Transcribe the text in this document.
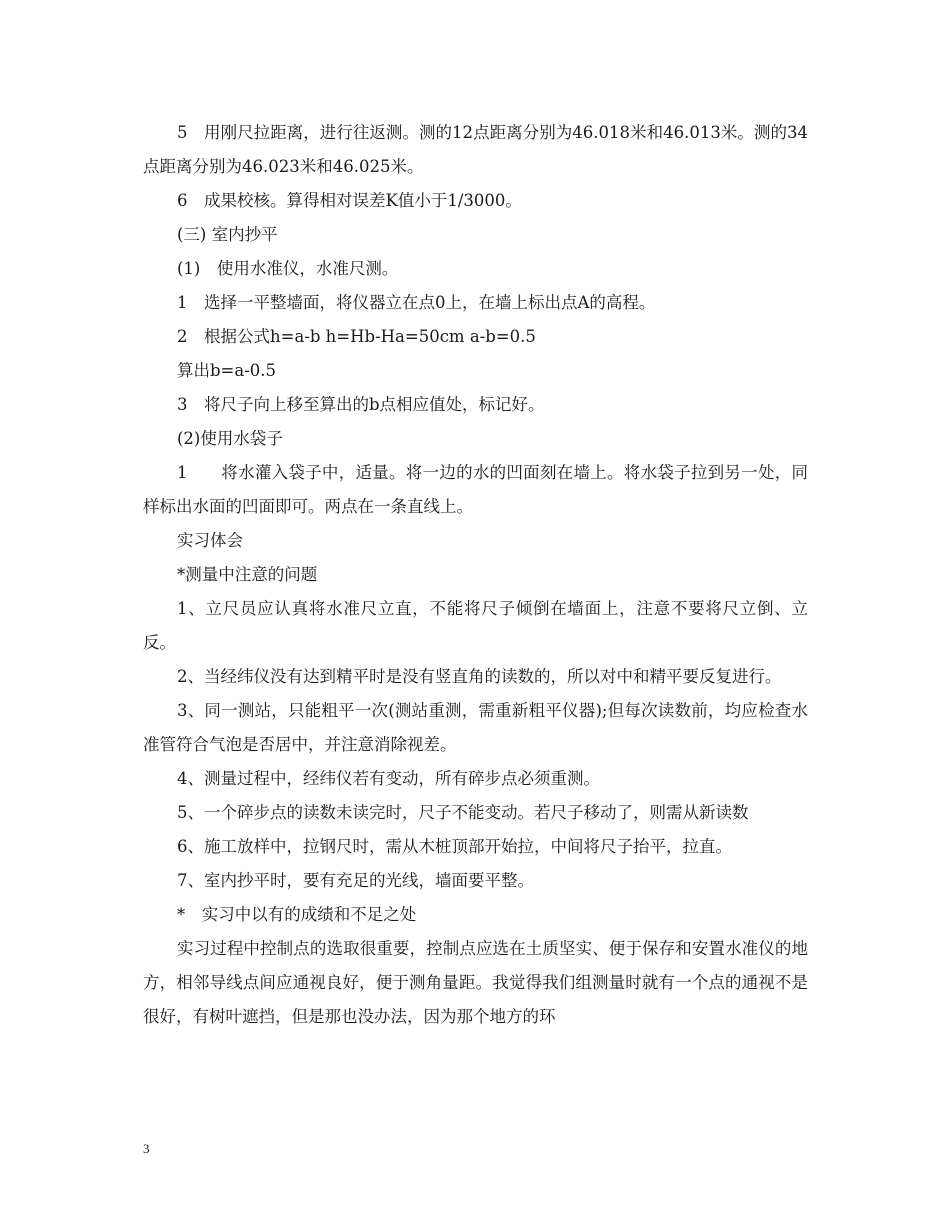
5　用刚尺拉距离，进行往返测。测的12点距离分别为46.018米和46.013米。测的34点距离分别为46.023米和46.025米。

6　成果校核。算得相对误差K值小于1/3000。

(三) 室内抄平

(1)　使用水准仪，水准尺测。

1　选择一平整墙面，将仪器立在点0上，在墙上标出点A的高程。

2　根据公式h=a-b h=Hb-Ha=50cm a-b=0.5

算出b=a-0.5

3　将尺子向上移至算出的b点相应值处，标记好。

(2)使用水袋子

1　　将水灌入袋子中，适量。将一边的水的凹面刻在墙上。将水袋子拉到另一处，同样标出水面的凹面即可。两点在一条直线上。

实习体会

*测量中注意的问题

1、立尺员应认真将水准尺立直，不能将尺子倾倒在墙面上，注意不要将尺立倒、立反。

2、当经纬仪没有达到精平时是没有竖直角的读数的，所以对中和精平要反复进行。

3、同一测站，只能粗平一次(测站重测，需重新粗平仪器);但每次读数前，均应检查水准管符合气泡是否居中，并注意消除视差。

4、测量过程中，经纬仪若有变动，所有碎步点必须重测。

5、一个碎步点的读数未读完时，尺子不能变动。若尺子移动了，则需从新读数

6、施工放样中，拉钢尺时，需从木桩顶部开始拉，中间将尺子抬平，拉直。

7、室内抄平时，要有充足的光线，墙面要平整。

*　实习中以有的成绩和不足之处

实习过程中控制点的选取很重要，控制点应选在土质坚实、便于保存和安置水准仪的地方，相邻导线点间应通视良好，便于测角量距。我觉得我们组测量时就有一个点的通视不是很好，有树叶遮挡，但是那也没办法，因为那个地方的环

3
